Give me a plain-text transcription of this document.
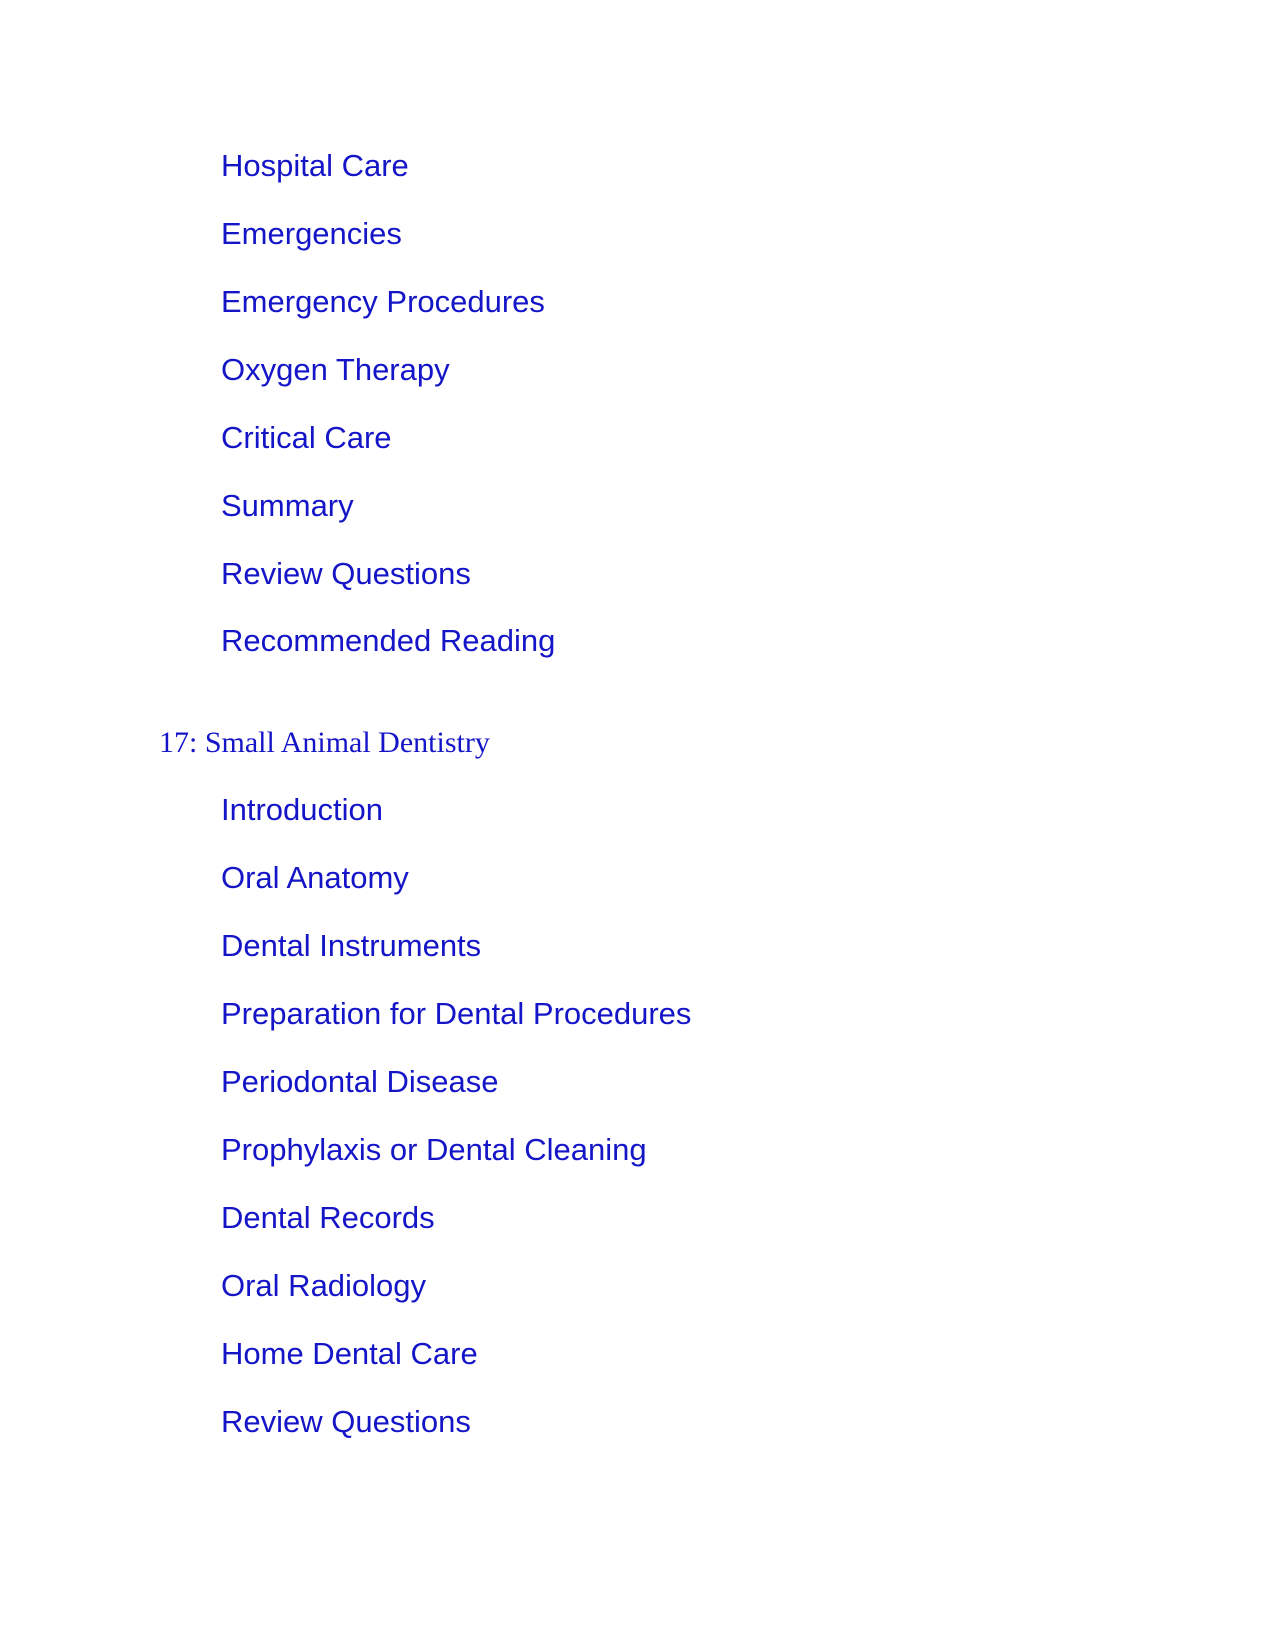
Hospital Care
Emergencies
Emergency Procedures
Oxygen Therapy
Critical Care
Summary
Review Questions
Recommended Reading
17: Small Animal Dentistry
Introduction
Oral Anatomy
Dental Instruments
Preparation for Dental Procedures
Periodontal Disease
Prophylaxis or Dental Cleaning
Dental Records
Oral Radiology
Home Dental Care
Review Questions
